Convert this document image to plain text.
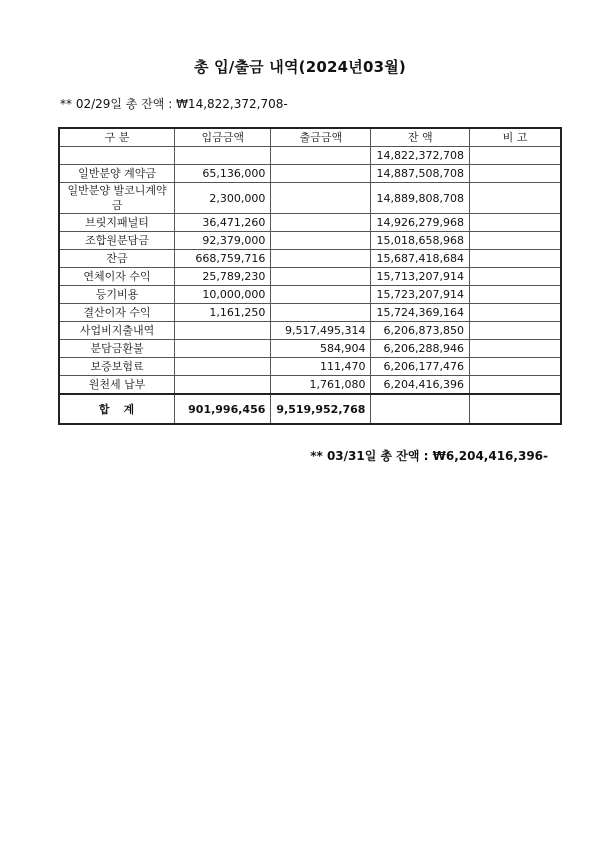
총 입/출금 내역(2024년03월)
** 02/29일 총 잔액 : ₩14,822,372,708-
구 분	입금금액	출금금액	잔 액	비 고
			14,822,372,708	
일반분양 계약금	65,136,000		14,887,508,708	
일반분양 발코니계약금	2,300,000		14,889,808,708	
브릿지패널티	36,471,260		14,926,279,968	
조합원분담금	92,379,000		15,018,658,968	
잔금	668,759,716		15,687,418,684	
연체이자 수익	25,789,230		15,713,207,914	
등기비용	10,000,000		15,723,207,914	
결산이자 수익	1,161,250		15,724,369,164	
사업비지출내역		9,517,495,314	6,206,873,850	
분담금환불		584,904	6,206,288,946	
보증보험료		111,470	6,206,177,476	
원천세 납부		1,761,080	6,204,416,396	
합계	901,996,456	9,519,952,768		
** 03/31일 총 잔액 : ₩6,204,416,396-
